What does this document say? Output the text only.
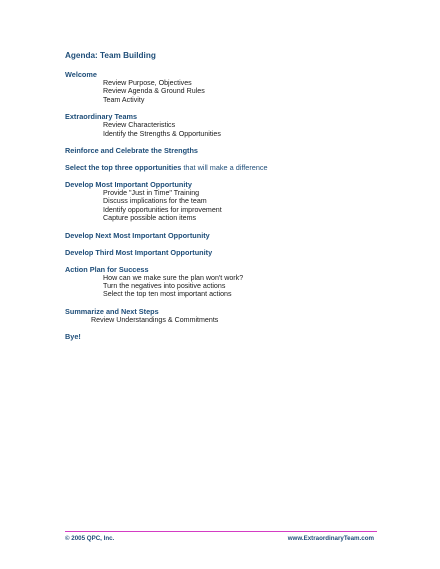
Agenda: Team Building
Welcome
Review Purpose, Objectives
Review Agenda & Ground Rules
Team Activity
Extraordinary Teams
Review Characteristics
Identify the Strengths & Opportunities
Reinforce and Celebrate the Strengths
Select the top three opportunities that will make a difference
Develop Most Important Opportunity
Provide "Just in Time" Training
Discuss implications for the team
Identify opportunities for improvement
Capture possible action items
Develop Next Most Important Opportunity
Develop Third Most Important Opportunity
Action Plan for Success
How can we make sure the plan won't work?
Turn the negatives into positive actions
Select the top ten most important actions
Summarize and Next Steps
Review Understandings & Commitments
Bye!
© 2005 QPC, Inc.	www.ExtraordinaryTeam.com
